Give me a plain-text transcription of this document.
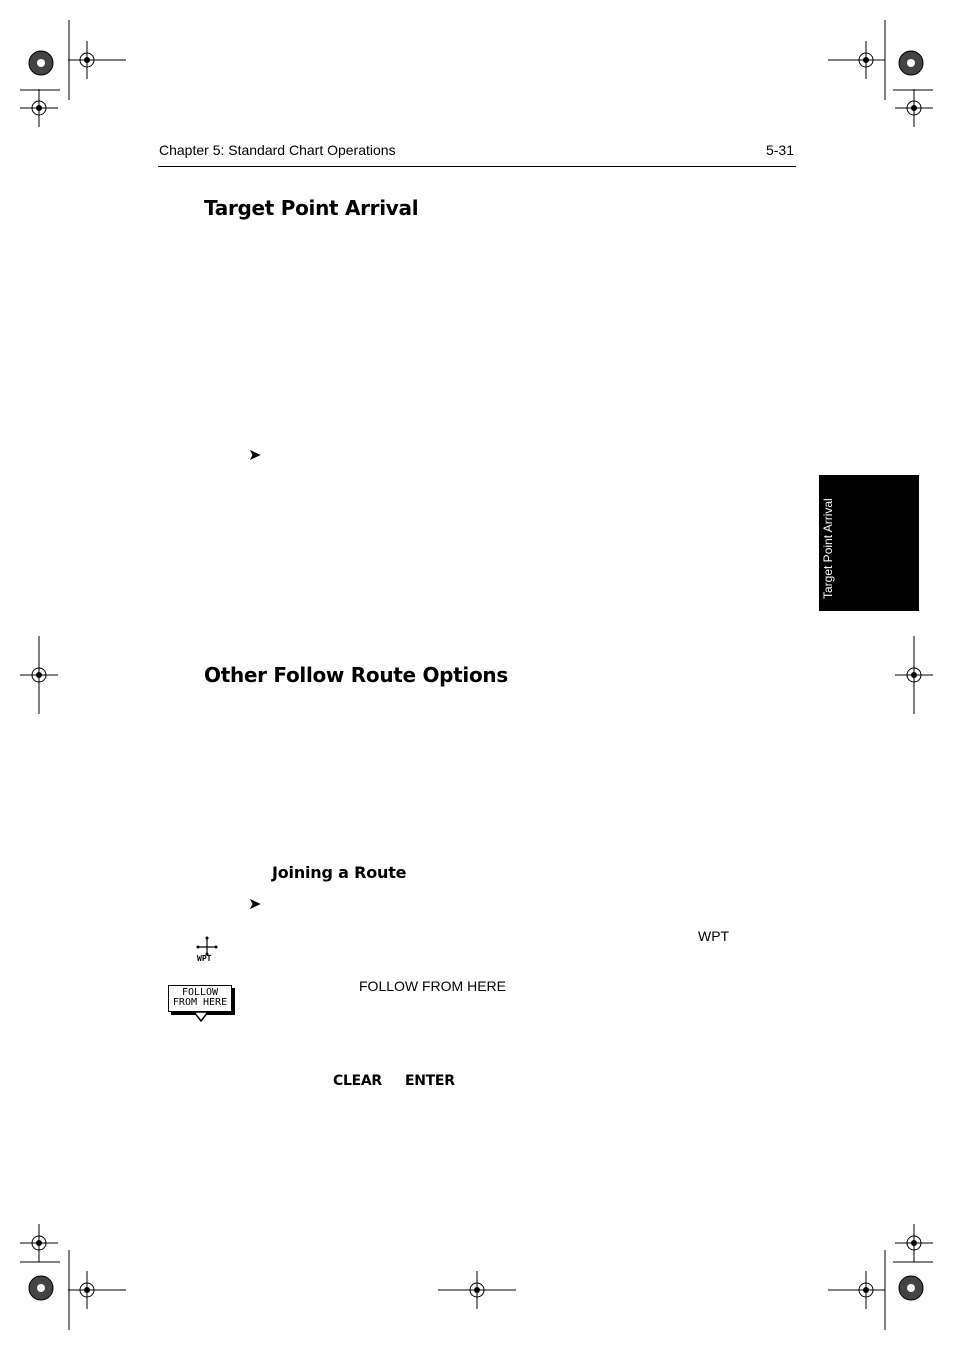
Chapter 5: Standard Chart Operations	5-31
Target Point Arrival
➤
Target Point Arrival
Other Follow Route Options
Joining a Route
➤
WPT
WPT
FOLLOW
FROM HERE
FOLLOW FROM HERE
CLEAR ENTER
